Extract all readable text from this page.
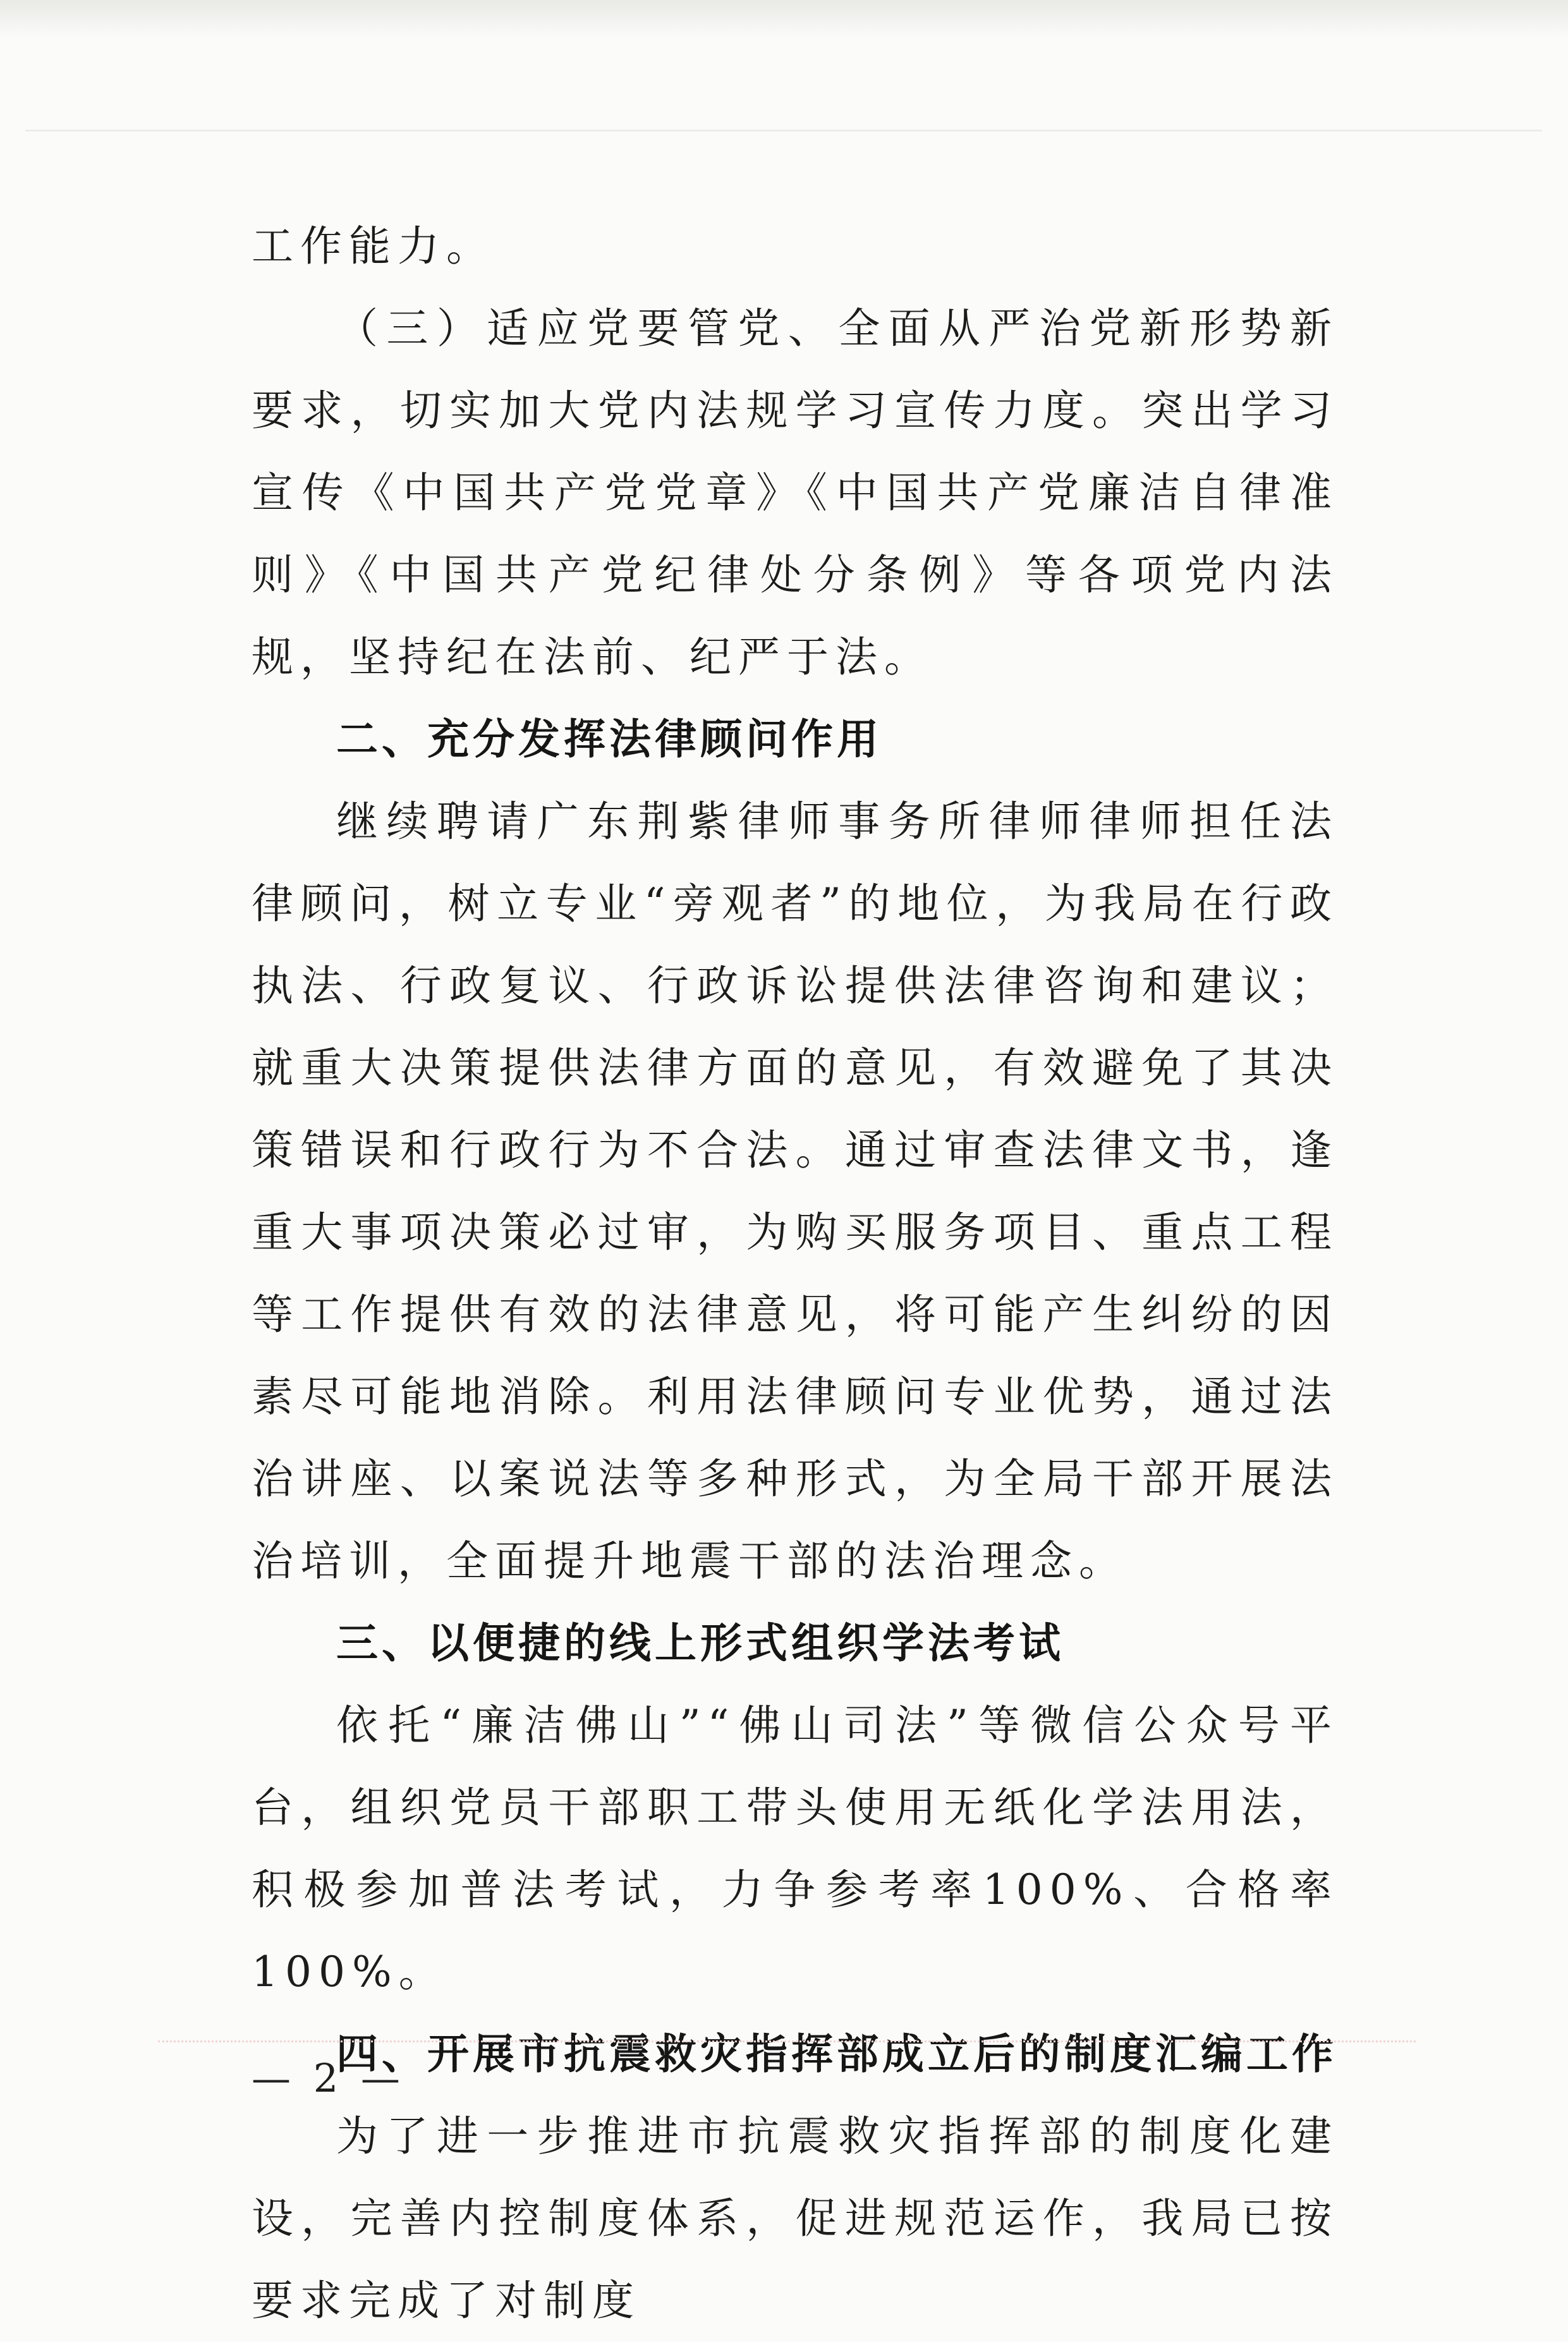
工作能力。

（三）适应党要管党、全面从严治党新形势新要求，切实加大党内法规学习宣传力度。突出学习宣传《中国共产党党章》《中国共产党廉洁自律准则》《中国共产党纪律处分条例》等各项党内法规，坚持纪在法前、纪严于法。

二、充分发挥法律顾问作用

继续聘请广东荆紫律师事务所律师律师担任法律顾问，树立专业“旁观者”的地位，为我局在行政执法、行政复议、行政诉讼提供法律咨询和建议；就重大决策提供法律方面的意见，有效避免了其决策错误和行政行为不合法。通过审查法律文书，逢重大事项决策必过审，为购买服务项目、重点工程等工作提供有效的法律意见，将可能产生纠纷的因素尽可能地消除。利用法律顾问专业优势，通过法治讲座、以案说法等多种形式，为全局干部开展法治培训，全面提升地震干部的法治理念。

三、以便捷的线上形式组织学法考试

依托“廉洁佛山”“佛山司法”等微信公众号平台，组织党员干部职工带头使用无纸化学法用法，积极参加普法考试，力争参考率100%、合格率100%。

四、开展市抗震救灾指挥部成立后的制度汇编工作

为了进一步推进市抗震救灾指挥部的制度化建设，完善内控制度体系，促进规范运作，我局已按要求完成了对制度

— 2 —
